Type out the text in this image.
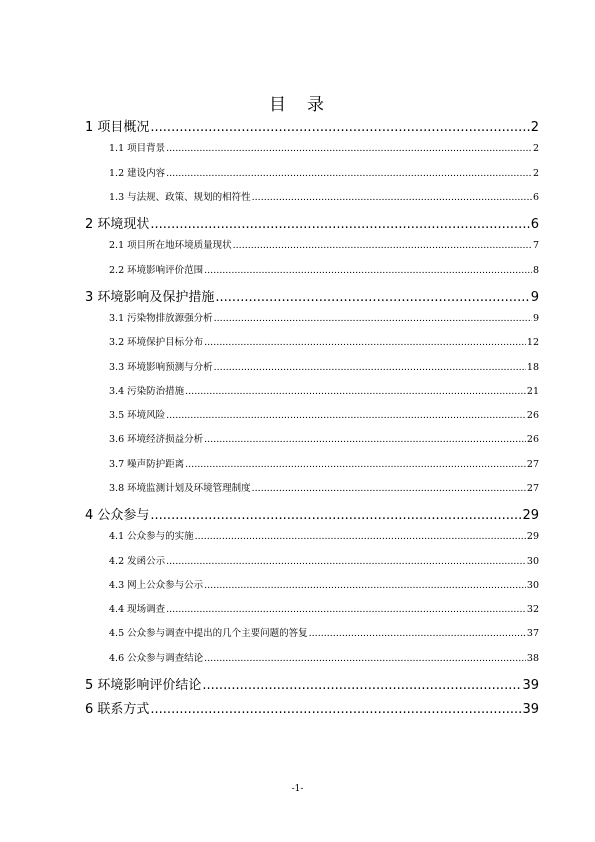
目　录
1 项目概况 .....	2
1.1 项目背景 .....	2
1.2 建设内容 .....	2
1.3 与法规、政策、规划的相符性 .....	6
2 环境现状 .....	6
2.1 项目所在地环境质量现状 .....	7
2.2 环境影响评价范围 .....	8
3 环境影响及保护措施 .....	9
3.1 污染物排放源强分析 .....	9
3.2 环境保护目标分布 .....	12
3.3 环境影响预测与分析 .....	18
3.4 污染防治措施 .....	21
3.5 环境风险 .....	26
3.6 环境经济损益分析 .....	26
3.7 噪声防护距离 .....	27
3.8 环境监测计划及环境管理制度 .....	27
4 公众参与 .....	29
4.1 公众参与的实施 .....	29
4.2 发函公示 .....	30
4.3 网上公众参与公示 .....	30
4.4 现场调查 .....	32
4.5 公众参与调查中提出的几个主要问题的答复 .....	37
4.6 公众参与调查结论 .....	38
5 环境影响评价结论 .....	39
6 联系方式 .....	39
-1-
